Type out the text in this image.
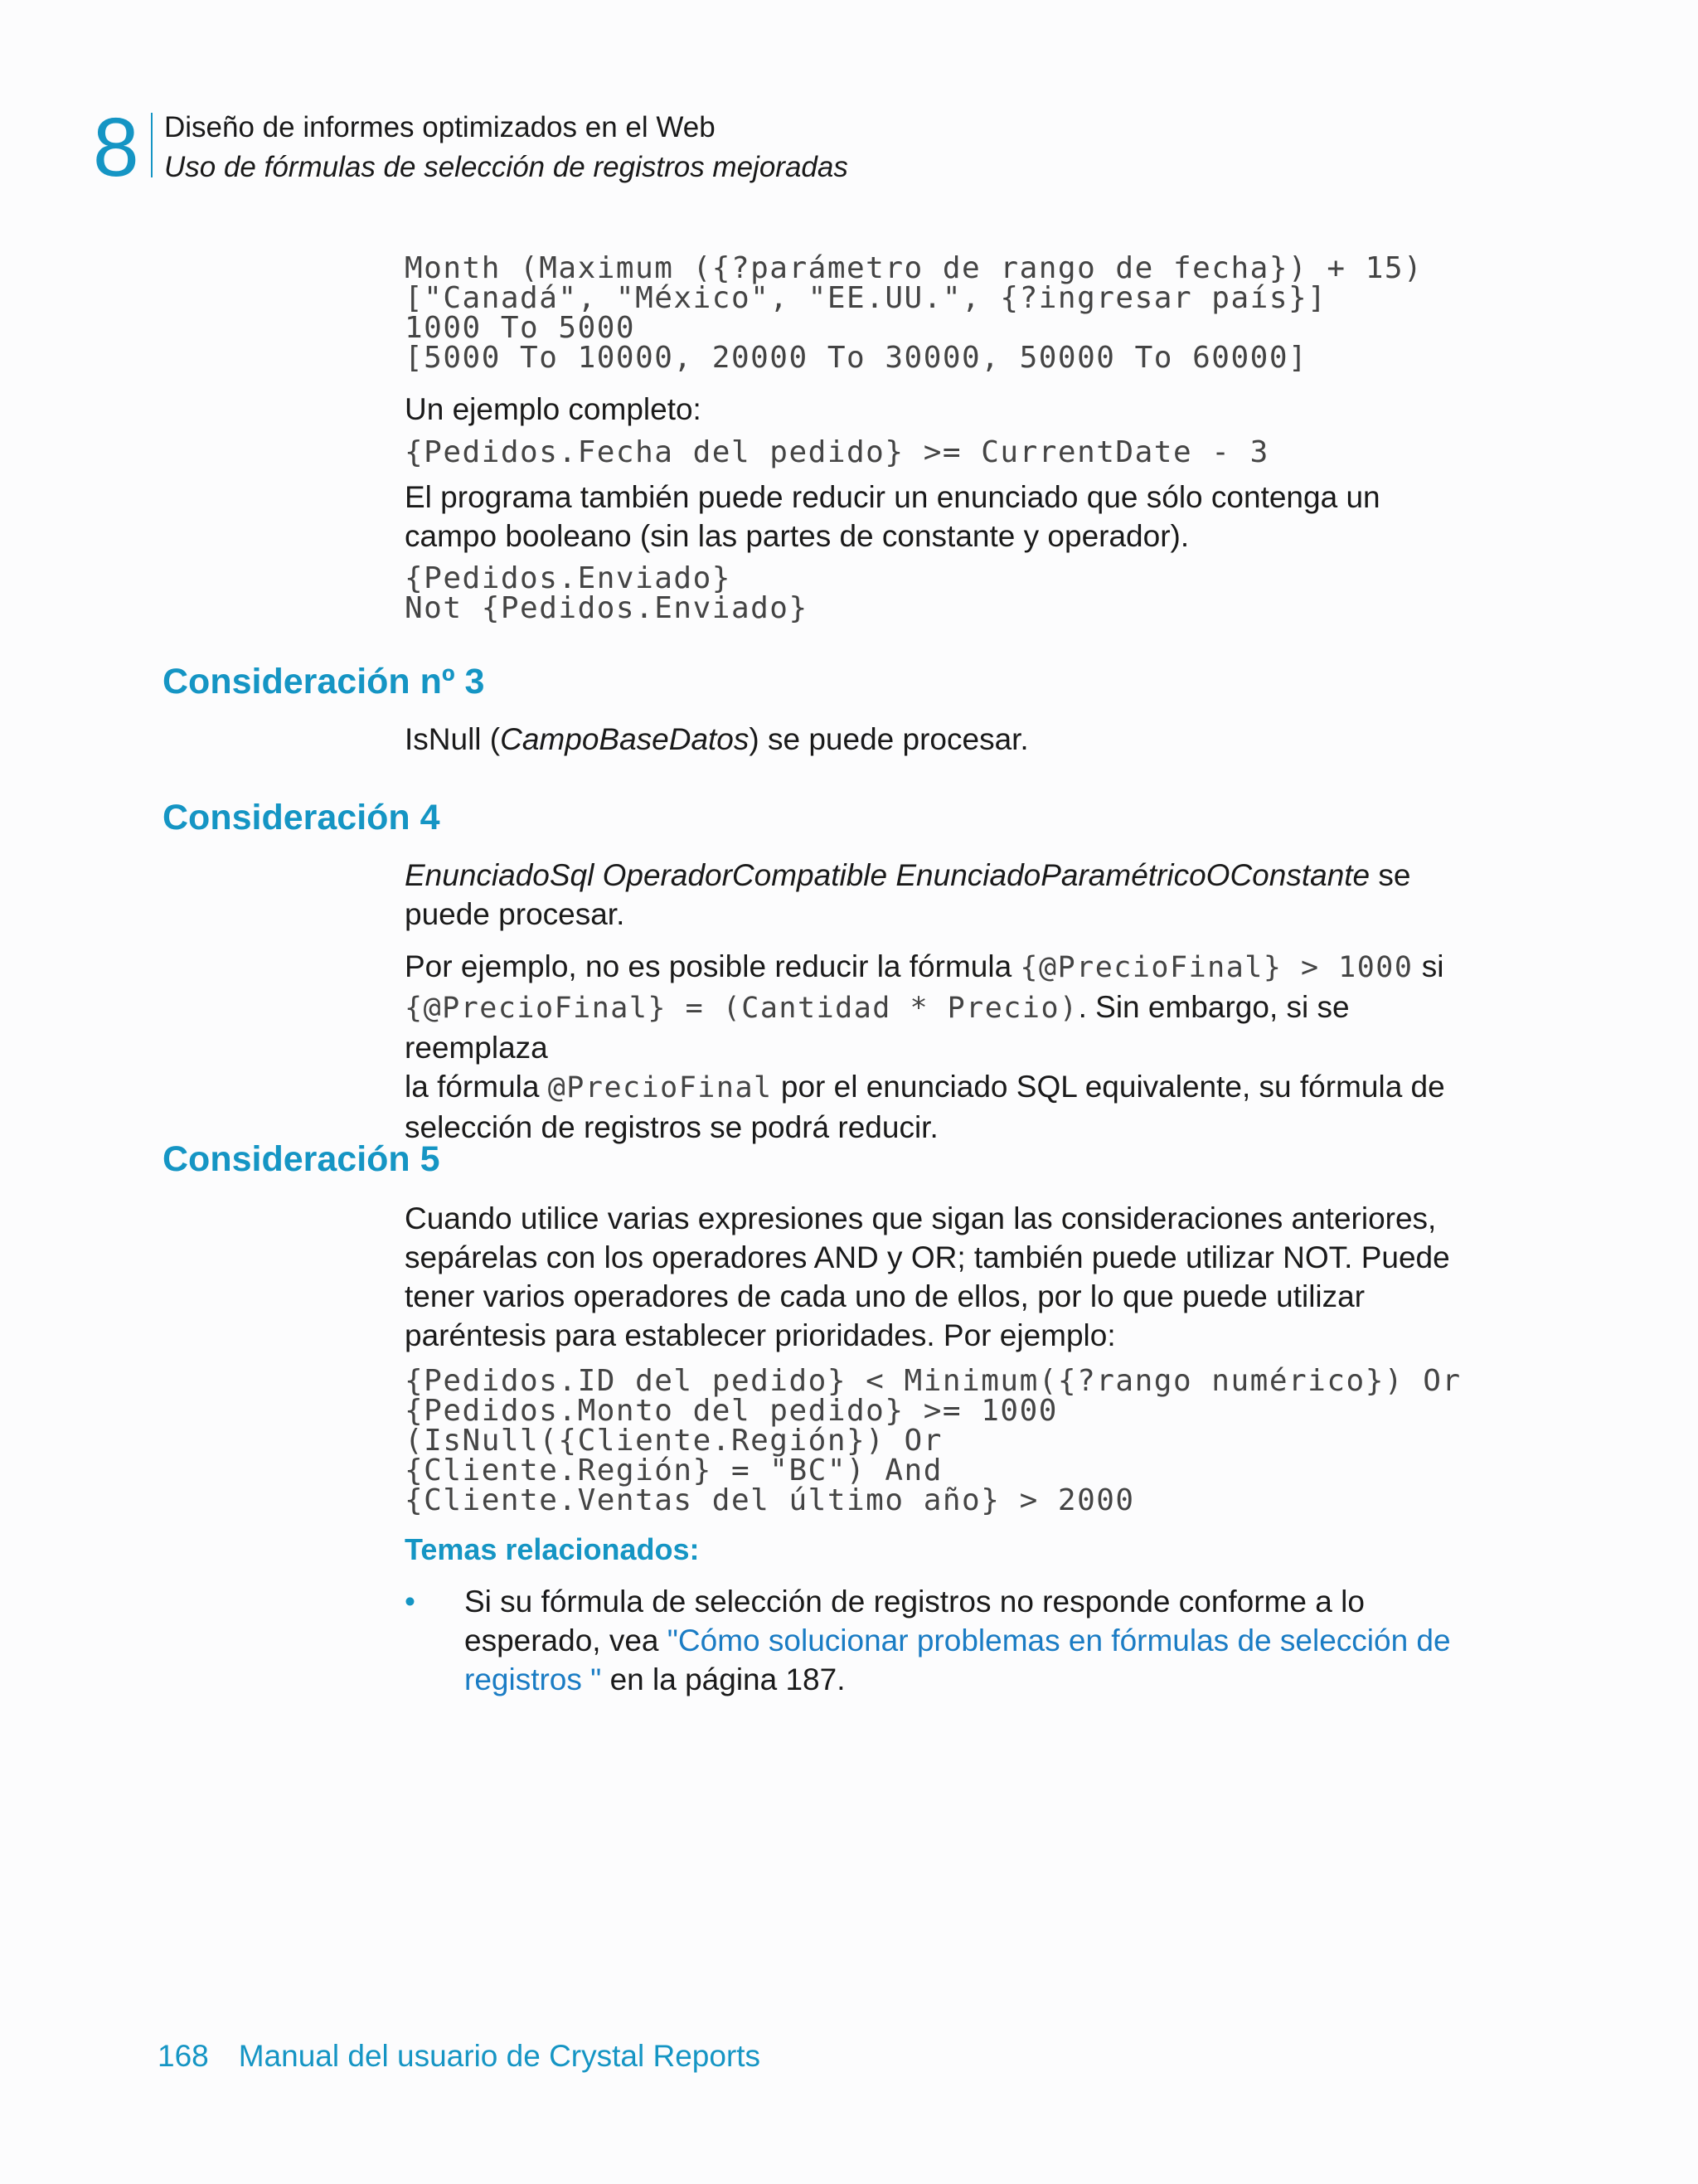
8 Diseño de informes optimizados en el Web
Uso de fórmulas de selección de registros mejoradas
Month (Maximum ({?parámetro de rango de fecha}) + 15)
["Canadá", "México", "EE.UU.", {?ingresar país}]
1000 To 5000
[5000 To 10000, 20000 To 30000, 50000 To 60000]

Un ejemplo completo:

{Pedidos.Fecha del pedido} >= CurrentDate - 3

El programa también puede reducir un enunciado que sólo contenga un

campo booleano (sin las partes de constante y operador).

{Pedidos.Enviado}
Not {Pedidos.Enviado}
Consideración nº 3

IsNull (CampoBaseDatos) se puede procesar.

Consideración 4

EnunciadoSql OperadorCompatible EnunciadoParamétricoOConstante se
puede procesar.

Por ejemplo, no es posible reducir la fórmula {@PrecioFinal} > 1000 si
{@PrecioFinal} = (Cantidad * Precio). Sin embargo, si se reemplaza
la fórmula @PrecioFinal por el enunciado SQL equivalente, su fórmula de
selección de registros se podrá reducir.

Consideración 5

Cuando utilice varias expresiones que sigan las consideraciones anteriores,

sepárelas con los operadores AND y OR; también puede utilizar NOT. Puede

tener varios operadores de cada uno de ellos, por lo que puede utilizar

paréntesis para establecer prioridades. Por ejemplo:

{Pedidos.ID del pedido} < Minimum({?rango numérico}) Or
{Pedidos.Monto del pedido} >= 1000
(IsNull({Cliente.Región}) Or
{Cliente.Región} = "BC") And
{Cliente.Ventas del último año} > 2000
Temas relacionados:
• Si su fórmula de selección de registros no responde conforme a lo
esperado, vea "Cómo solucionar problemas en fórmulas de selección de
registros " en la página 187.

168 Manual del usuario de Crystal Reports
